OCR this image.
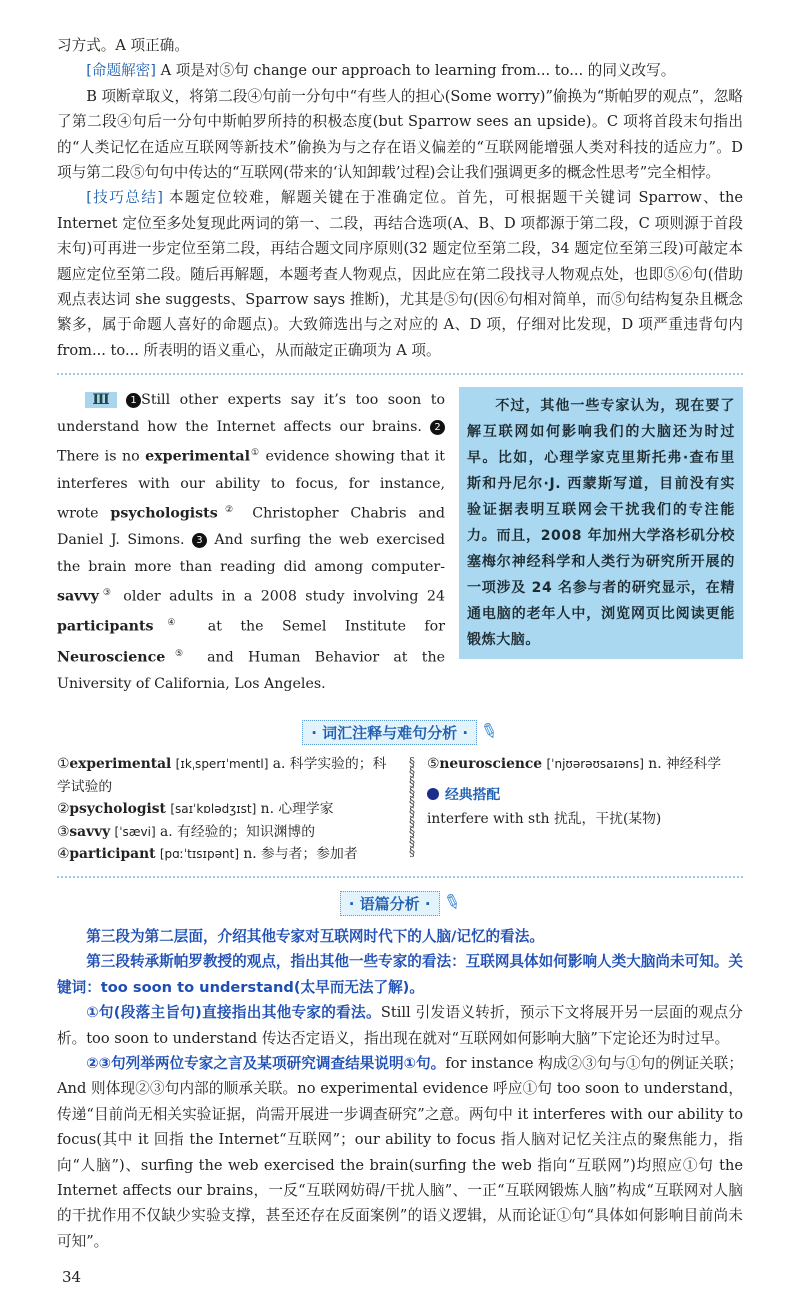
习方式。A 项正确。

[命题解密] A 项是对⑤句 change our approach to learning from... to... 的同义改写。

B 项断章取义，将第二段④句前一分句中“有些人的担心(Some worry)”偷换为“斯帕罗的观点”，忽略了第二段④句后一分句中斯帕罗所持的积极态度(but Sparrow sees an upside)。C 项将首段末句指出的“人类记忆在适应互联网等新技术”偷换为与之存在语义偏差的“互联网能增强人类对科技的适应力”。D 项与第二段⑤句句中传达的“互联网(带来的‘认知卸载’过程)会让我们强调更多的概念性思考”完全相悖。

[技巧总结] 本题定位较难，解题关键在于准确定位。首先，可根据题干关键词 Sparrow、the Internet 定位至多处复现此两词的第一、二段，再结合选项(A、B、D 项都源于第二段，C 项则源于首段末句)可再进一步定位至第二段，再结合题文同序原则(32 题定位至第二段，34 题定位至第三段)可敲定本题应定位至第二段。随后再解题，本题考查人物观点，因此应在第二段找寻人物观点处，也即⑤⑥句(借助观点表达词 she suggests、Sparrow says 推断)，尤其是⑤句(因⑥句相对简单，而⑤句结构复杂且概念繁多，属于命题人喜好的命题点)。大致筛选出与之对应的 A、D 项，仔细对比发现，D 项严重违背句内 from... to... 所表明的语义重心，从而敲定正确项为 A 项。

Ⅲ 1 Still other experts say it’s too soon to understand how the Internet affects our brains. 2 There is no experimental① evidence showing that it interferes with our ability to focus, for instance, wrote psychologists② Christopher Chabris and Daniel J. Simons. 3 And surfing the web exercised the brain more than reading did among computer-savvy③ older adults in a 2008 study involving 24 participants④ at the Semel Institute for Neuroscience⑤ and Human Behavior at the University of California, Los Angeles.
不过，其他一些专家认为，现在要了解互联网如何影响我们的大脑还为时过早。比如，心理学家克里斯托弗·查布里斯和丹尼尔·J. 西蒙斯写道，目前没有实验证据表明互联网会干扰我们的专注能力。而且，2008 年加州大学洛杉矶分校塞梅尔神经科学和人类行为研究所开展的一项涉及 24 名参与者的研究显示，在精通电脑的老年人中，浏览网页比阅读更能锻炼大脑。
· 词汇注释与难句分析 · ✎
①experimental [ɪkˌsperɪˈmentl] a. 科学实验的；科学试验的
②psychologist [saɪˈkɒlədʒɪst] n. 心理学家
③savvy [ˈsævi] a. 有经验的；知识渊博的
④participant [pɑːˈtɪsɪpənt] n. 参与者；参加者
§
§
§
§
§
§
§
§
§
§
⑤neuroscience [ˈnjʊərəʊsaɪəns] n. 神经科学
经典搭配
interfere with sth 扰乱，干扰(某物)
· 语篇分析 · ✎

第三段为第二层面，介绍其他专家对互联网时代下的人脑/记忆的看法。

第三段转承斯帕罗教授的观点，指出其他一些专家的看法：互联网具体如何影响人类大脑尚未可知。关键词：too soon to understand(太早而无法了解)。

①句(段落主旨句)直接指出其他专家的看法。Still 引发语义转折，预示下文将展开另一层面的观点分析。too soon to understand 传达否定语义，指出现在就对“互联网如何影响大脑”下定论还为时过早。

②③句列举两位专家之言及某项研究调查结果说明①句。for instance 构成②③句与①句的例证关联；And 则体现②③句内部的顺承关联。no experimental evidence 呼应①句 too soon to understand，传递“目前尚无相关实验证据，尚需开展进一步调查研究”之意。两句中 it interferes with our ability to focus(其中 it 回指 the Internet“互联网”；our ability to focus 指人脑对记忆关注点的聚焦能力，指向“人脑”)、surfing the web exercised the brain(surfing the web 指向“互联网”)均照应①句 the Internet affects our brains，一反“互联网妨碍/干扰人脑”、一正“互联网锻炼人脑”构成“互联网对人脑的干扰作用不仅缺少实验支撑，甚至还存在反面案例”的语义逻辑，从而论证①句“具体如何影响目前尚未可知”。

34
